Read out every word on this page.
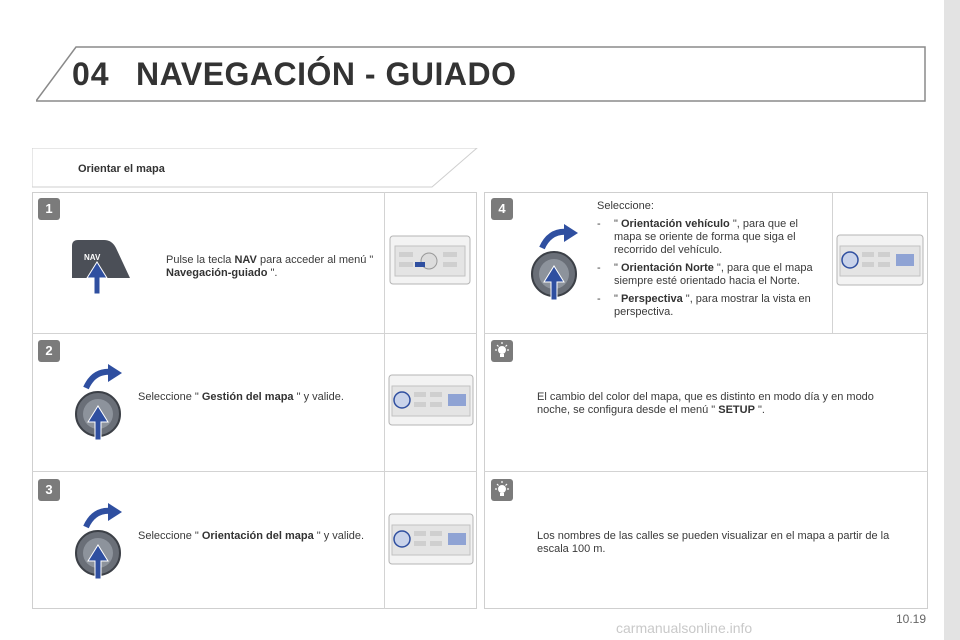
04 NAVEGACIÓN - GUIADO
Orientar el mapa
1
NAV	Pulse la tecla NAV para acceder al menú " Navegación-guiado ".
2
Seleccione " Gestión del mapa " y valide.
3
Seleccione " Orientación del mapa " y valide.
4	Seleccione:
- " Orientación vehículo ", para que el mapa se oriente de forma que siga el recorrido del vehículo.
- " Orientación Norte ", para que el mapa siempre esté orientado hacia el Norte.
- " Perspectiva ", para mostrar la vista en perspectiva.
El cambio del color del mapa, que es distinto en modo día y en modo noche, se configura desde el menú " SETUP ".
Los nombres de las calles se pueden visualizar en el mapa a partir de la escala 100 m.
carmanualsonline.info
10.19
